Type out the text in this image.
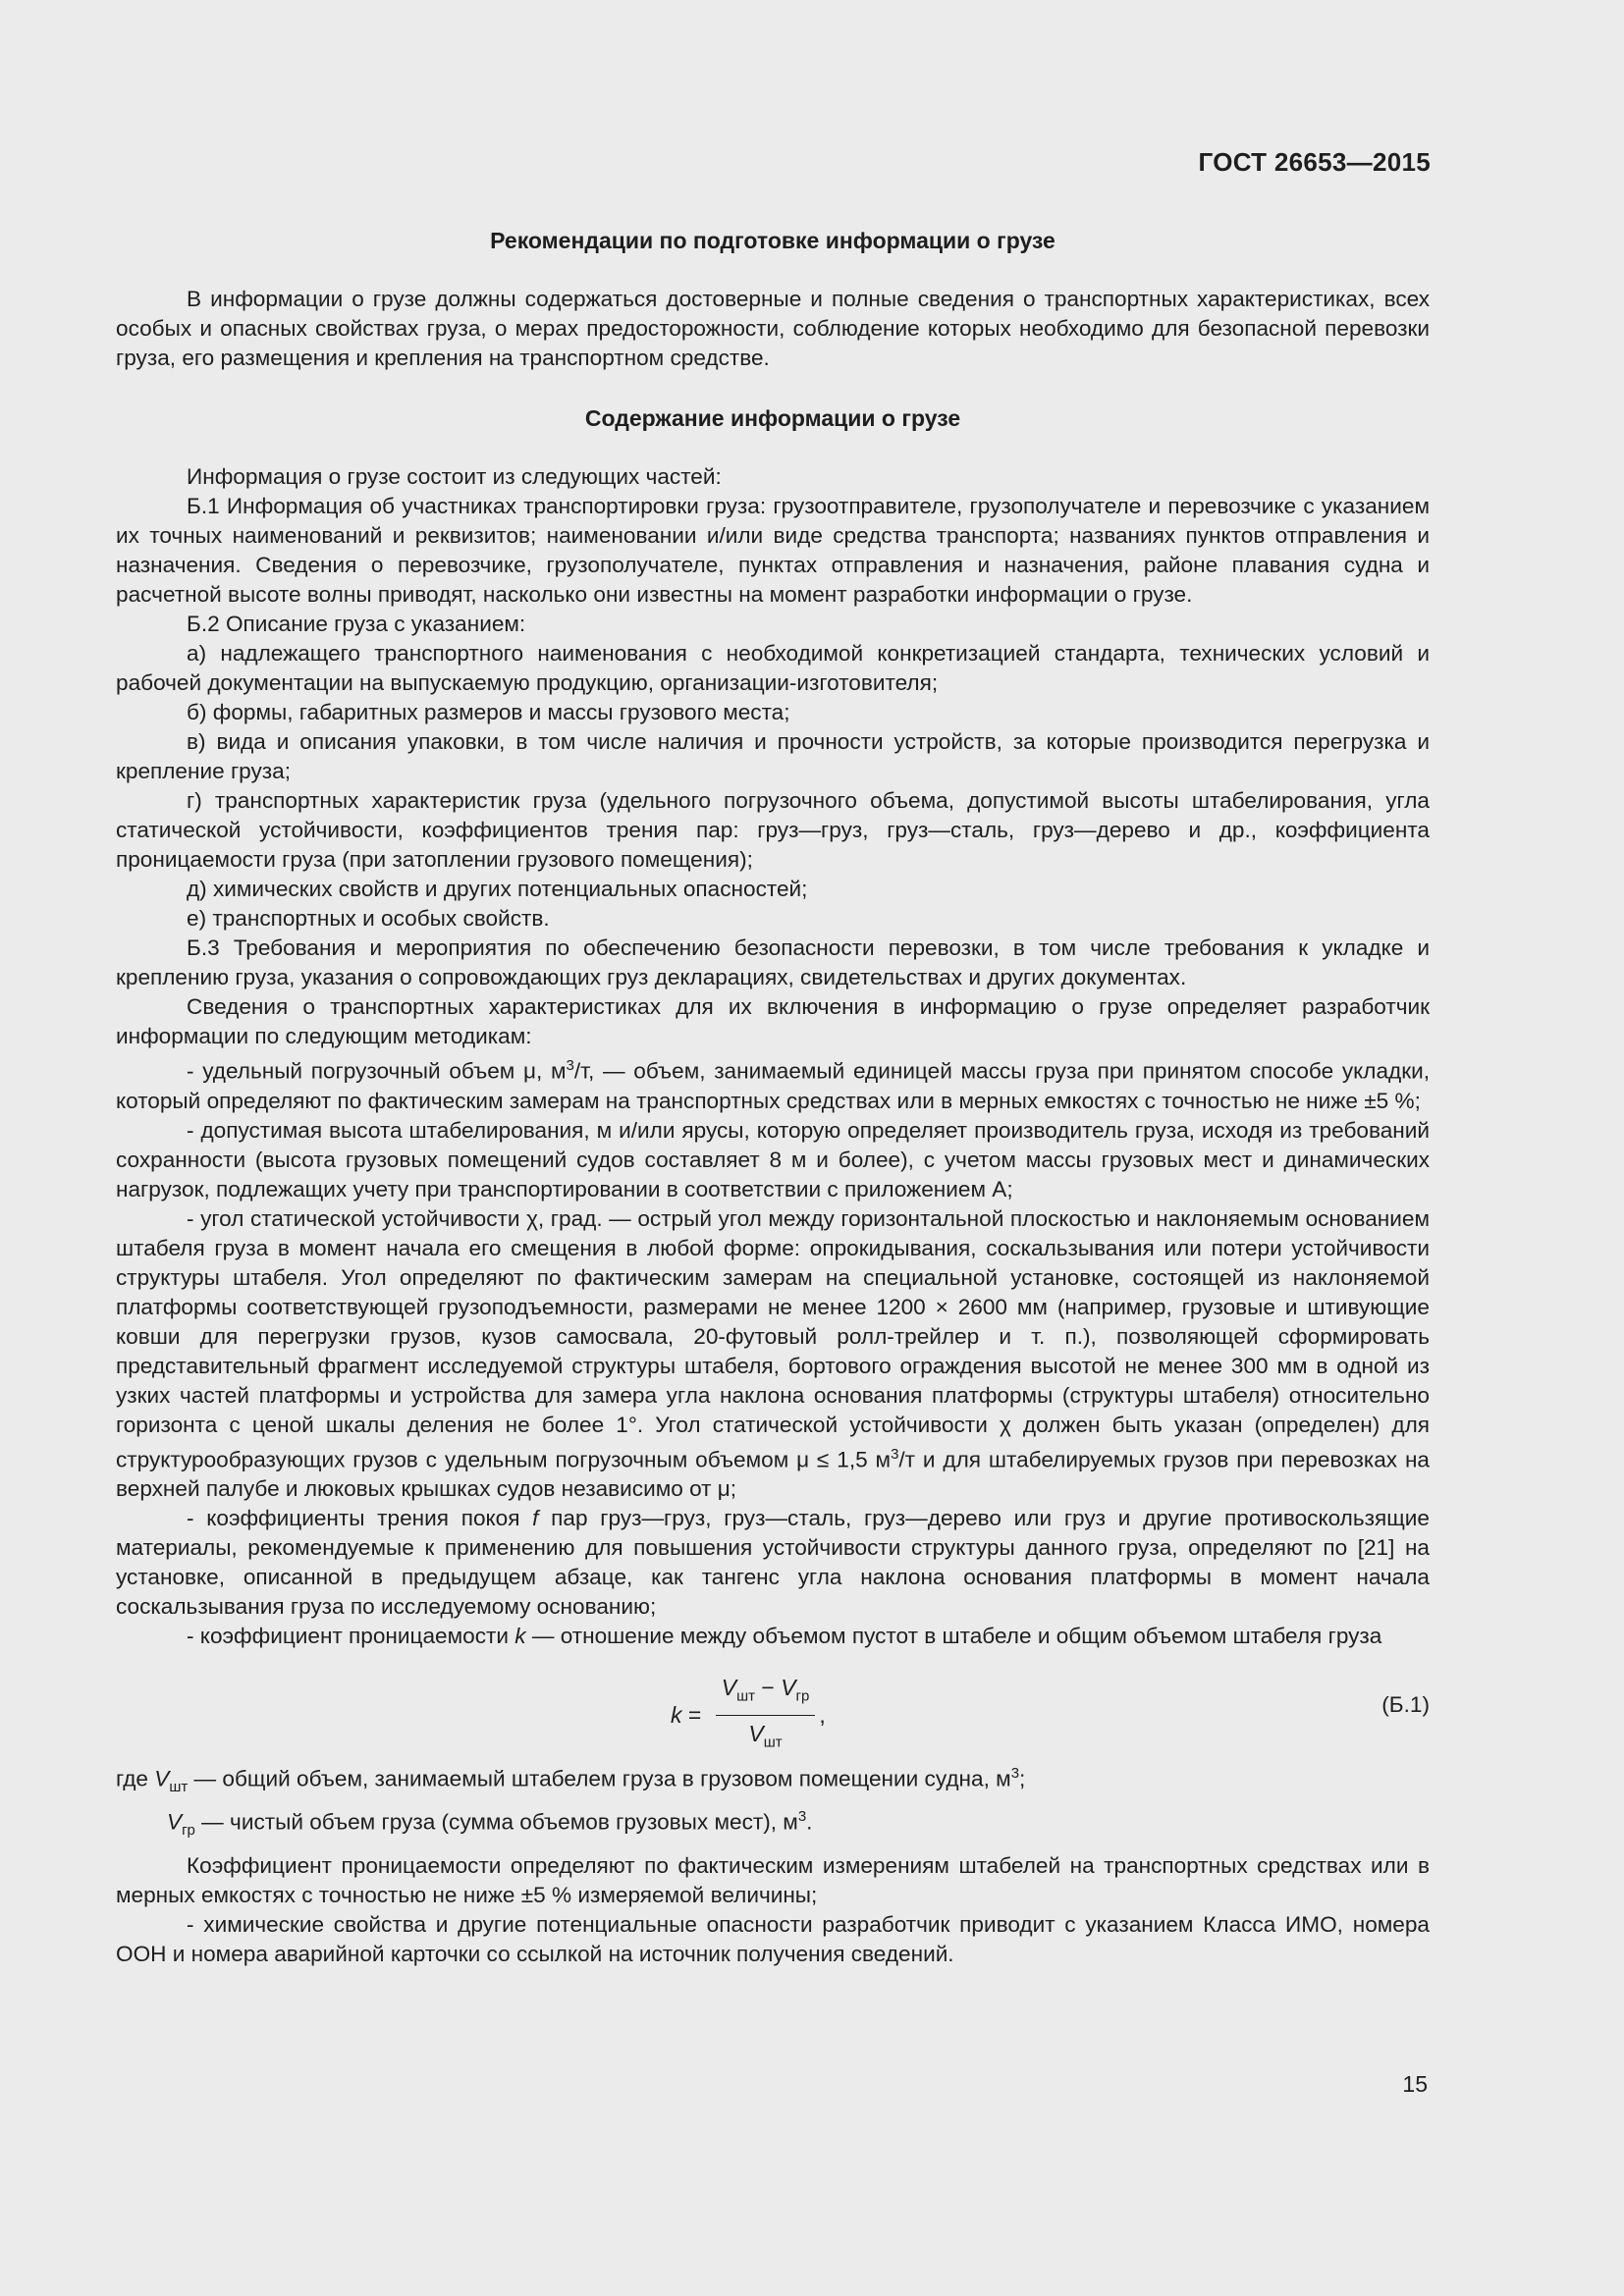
ГОСТ 26653—2015
Рекомендации по подготовке информации о грузе

В информации о грузе должны содержаться достоверные и полные сведения о транспортных характеристиках, всех особых и опасных свойствах груза, о мерах предосторожности, соблюдение которых необходимо для безопасной перевозки груза, его размещения и крепления на транспортном средстве.

Содержание информации о грузе

Информация о грузе состоит из следующих частей:

Б.1 Информация об участниках транспортировки груза: грузоотправителе, грузополучателе и перевозчике с указанием их точных наименований и реквизитов; наименовании и/или виде средства транспорта; названиях пунктов отправления и назначения. Сведения о перевозчике, грузополучателе, пунктах отправления и назначения, районе плавания судна и расчетной высоте волны приводят, насколько они известны на момент разработки информации о грузе.

Б.2 Описание груза с указанием:

а) надлежащего транспортного наименования с необходимой конкретизацией стандарта, технических условий и рабочей документации на выпускаемую продукцию, организации-изготовителя;

б) формы, габаритных размеров и массы грузового места;

в) вида и описания упаковки, в том числе наличия и прочности устройств, за которые производится перегрузка и крепление груза;

г) транспортных характеристик груза (удельного погрузочного объема, допустимой высоты штабелирования, угла статической устойчивости, коэффициентов трения пар: груз—груз, груз—сталь, груз—дерево и др., коэффициента проницаемости груза (при затоплении грузового помещения);

д) химических свойств и других потенциальных опасностей;

е) транспортных и особых свойств.

Б.3 Требования и мероприятия по обеспечению безопасности перевозки, в том числе требования к укладке и креплению груза, указания о сопровождающих груз декларациях, свидетельствах и других документах.

Сведения о транспортных характеристиках для их включения в информацию о грузе определяет разработчик информации по следующим методикам:

- удельный погрузочный объем μ, $м^3/т$, — объем, занимаемый единицей массы груза при принятом способе укладки, который определяют по фактическим замерам на транспортных средствах или в мерных емкостях с точностью не ниже ±5 %;

- допустимая высота штабелирования, м и/или ярусы, которую определяет производитель груза, исходя из требований сохранности (высота грузовых помещений судов составляет 8 м и более), с учетом массы грузовых мест и динамических нагрузок, подлежащих учету при транспортировании в соответствии с приложением А;

- угол статической устойчивости χ, град. — острый угол между горизонтальной плоскостью и наклоняемым основанием штабеля груза в момент начала его смещения в любой форме: опрокидывания, соскальзывания или потери устойчивости структуры штабеля. Угол определяют по фактическим замерам на специальной установке, состоящей из наклоняемой платформы соответствующей грузоподъемности, размерами не менее 1200 × 2600 мм (например, грузовые и штивующие ковши для перегрузки грузов, кузов самосвала, 20-футовый ролл-трейлер и т. п.), позволяющей сформировать представительный фрагмент исследуемой структуры штабеля, бортового ограждения высотой не менее 300 мм в одной из узких частей платформы и устройства для замера угла наклона основания платформы (структуры штабеля) относительно горизонта с ценой шкалы деления не более 1°. Угол статической устойчивости χ должен быть указан (определен) для структурообразующих грузов с удельным погрузочным объемом μ ≤ 1,5 $м^3/т$ и для штабелируемых грузов при перевозках на верхней палубе и люковых крышках судов независимо от μ;

- коэффициенты трения покоя f пар груз—груз, груз—сталь, груз—дерево или груз и другие противоскользящие материалы, рекомендуемые к применению для повышения устойчивости структуры данного груза, определяют по [21] на установке, описанной в предыдущем абзаце, как тангенс угла наклона основания платформы в момент начала соскальзывания груза по исследуемому основанию;

- коэффициент проницаемости k — отношение между объемом пустот в штабеле и общим объемом штабеля груза

$k = \frac{V_{шт} - V_{гр}}{V_{шт}}$ ,	(Б.1)

где $V_{шт}$ — общий объем, занимаемый штабелем груза в грузовом помещении судна, $м^3$;

$V_{гр}$ — чистый объем груза (сумма объемов грузовых мест), $м^3$.

Коэффициент проницаемости определяют по фактическим измерениям штабелей на транспортных средствах или в мерных емкостях с точностью не ниже ±5 % измеряемой величины;

- химические свойства и другие потенциальные опасности разработчик приводит с указанием Класса ИМО, номера ООН и номера аварийной карточки со ссылкой на источник получения сведений.

15
